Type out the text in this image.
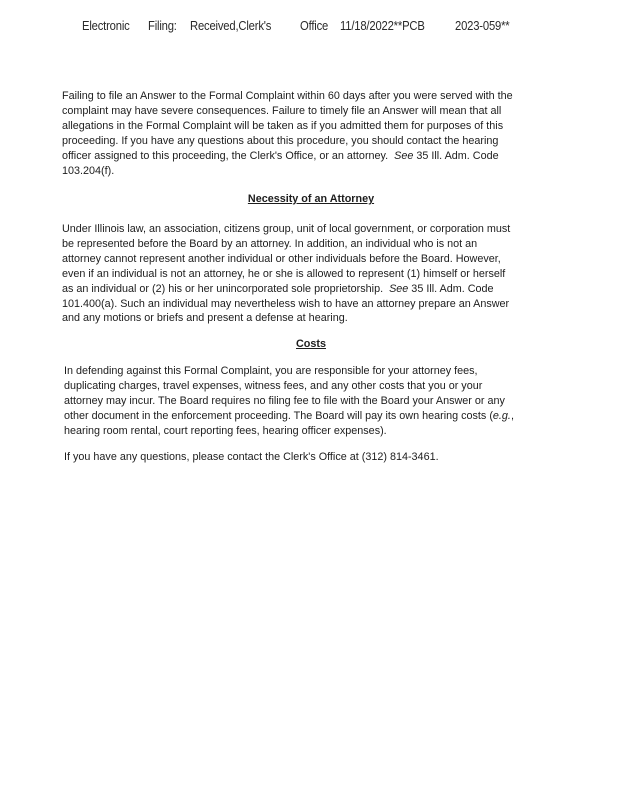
Electronic Filing: Received,Clerk's Office 11/18/2022**PCB 2023-059**

Failing to file an Answer to the Formal Complaint within 60 days after you were served with the

complaint may have severe consequences. Failure to timely file an Answer will mean that all

allegations in the Formal Complaint will be taken as if you admitted them for purposes of this

proceeding. If you have any questions about this procedure, you should contact the hearing

officer assigned to this proceeding, the Clerk's Office, or an attorney. See 35 Ill. Adm. Code

103.204(f).

Necessity of an Attorney

Under Illinois law, an association, citizens group, unit of local government, or corporation must

be represented before the Board by an attorney. In addition, an individual who is not an

attorney cannot represent another individual or other individuals before the Board. However,

even if an individual is not an attorney, he or she is allowed to represent (1) himself or herself

as an individual or (2) his or her unincorporated sole proprietorship. See 35 Ill. Adm. Code

101.400(a). Such an individual may nevertheless wish to have an attorney prepare an Answer

and any motions or briefs and present a defense at hearing.

Costs

In defending against this Formal Complaint, you are responsible for your attorney fees,

duplicating charges, travel expenses, witness fees, and any other costs that you or your

attorney may incur. The Board requires no filing fee to file with the Board your Answer or any

other document in the enforcement proceeding. The Board will pay its own hearing costs (e.g.,

hearing room rental, court reporting fees, hearing officer expenses).

If you have any questions, please contact the Clerk's Office at (312) 814-3461.
